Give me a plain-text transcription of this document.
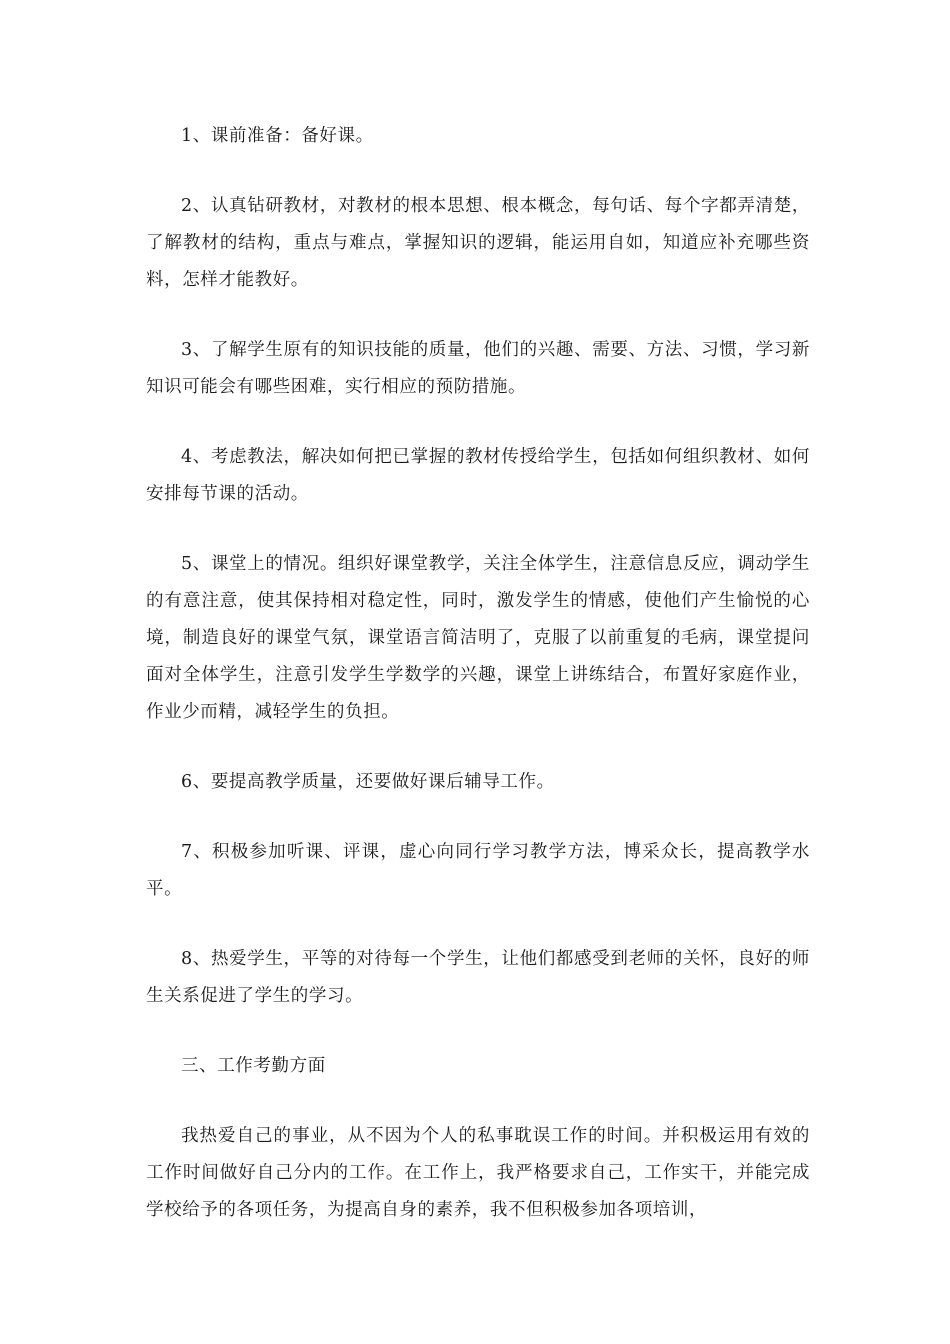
1、课前准备：备好课。

2、认真钻研教材，对教材的根本思想、根本概念，每句话、每个字都弄清楚，了解教材的结构，重点与难点，掌握知识的逻辑，能运用自如，知道应补充哪些资料，怎样才能教好。

3、了解学生原有的知识技能的质量，他们的兴趣、需要、方法、习惯，学习新知识可能会有哪些困难，实行相应的预防措施。

4、考虑教法，解决如何把已掌握的教材传授给学生，包括如何组织教材、如何安排每节课的活动。

5、课堂上的情况。组织好课堂教学，关注全体学生，注意信息反应，调动学生的有意注意，使其保持相对稳定性，同时，激发学生的情感，使他们产生愉悦的心境，制造良好的课堂气氛，课堂语言简洁明了，克服了以前重复的毛病，课堂提问面对全体学生，注意引发学生学数学的兴趣，课堂上讲练结合，布置好家庭作业，作业少而精，减轻学生的负担。

6、要提高教学质量，还要做好课后辅导工作。

7、积极参加听课、评课，虚心向同行学习教学方法，博采众长，提高教学水平。

8、热爱学生，平等的对待每一个学生，让他们都感受到老师的关怀，良好的师生关系促进了学生的学习。

三、工作考勤方面

我热爱自己的事业，从不因为个人的私事耽误工作的时间。并积极运用有效的工作时间做好自己分内的工作。在工作上，我严格要求自己，工作实干，并能完成学校给予的各项任务，为提高自身的素养，我不但积极参加各项培训，
